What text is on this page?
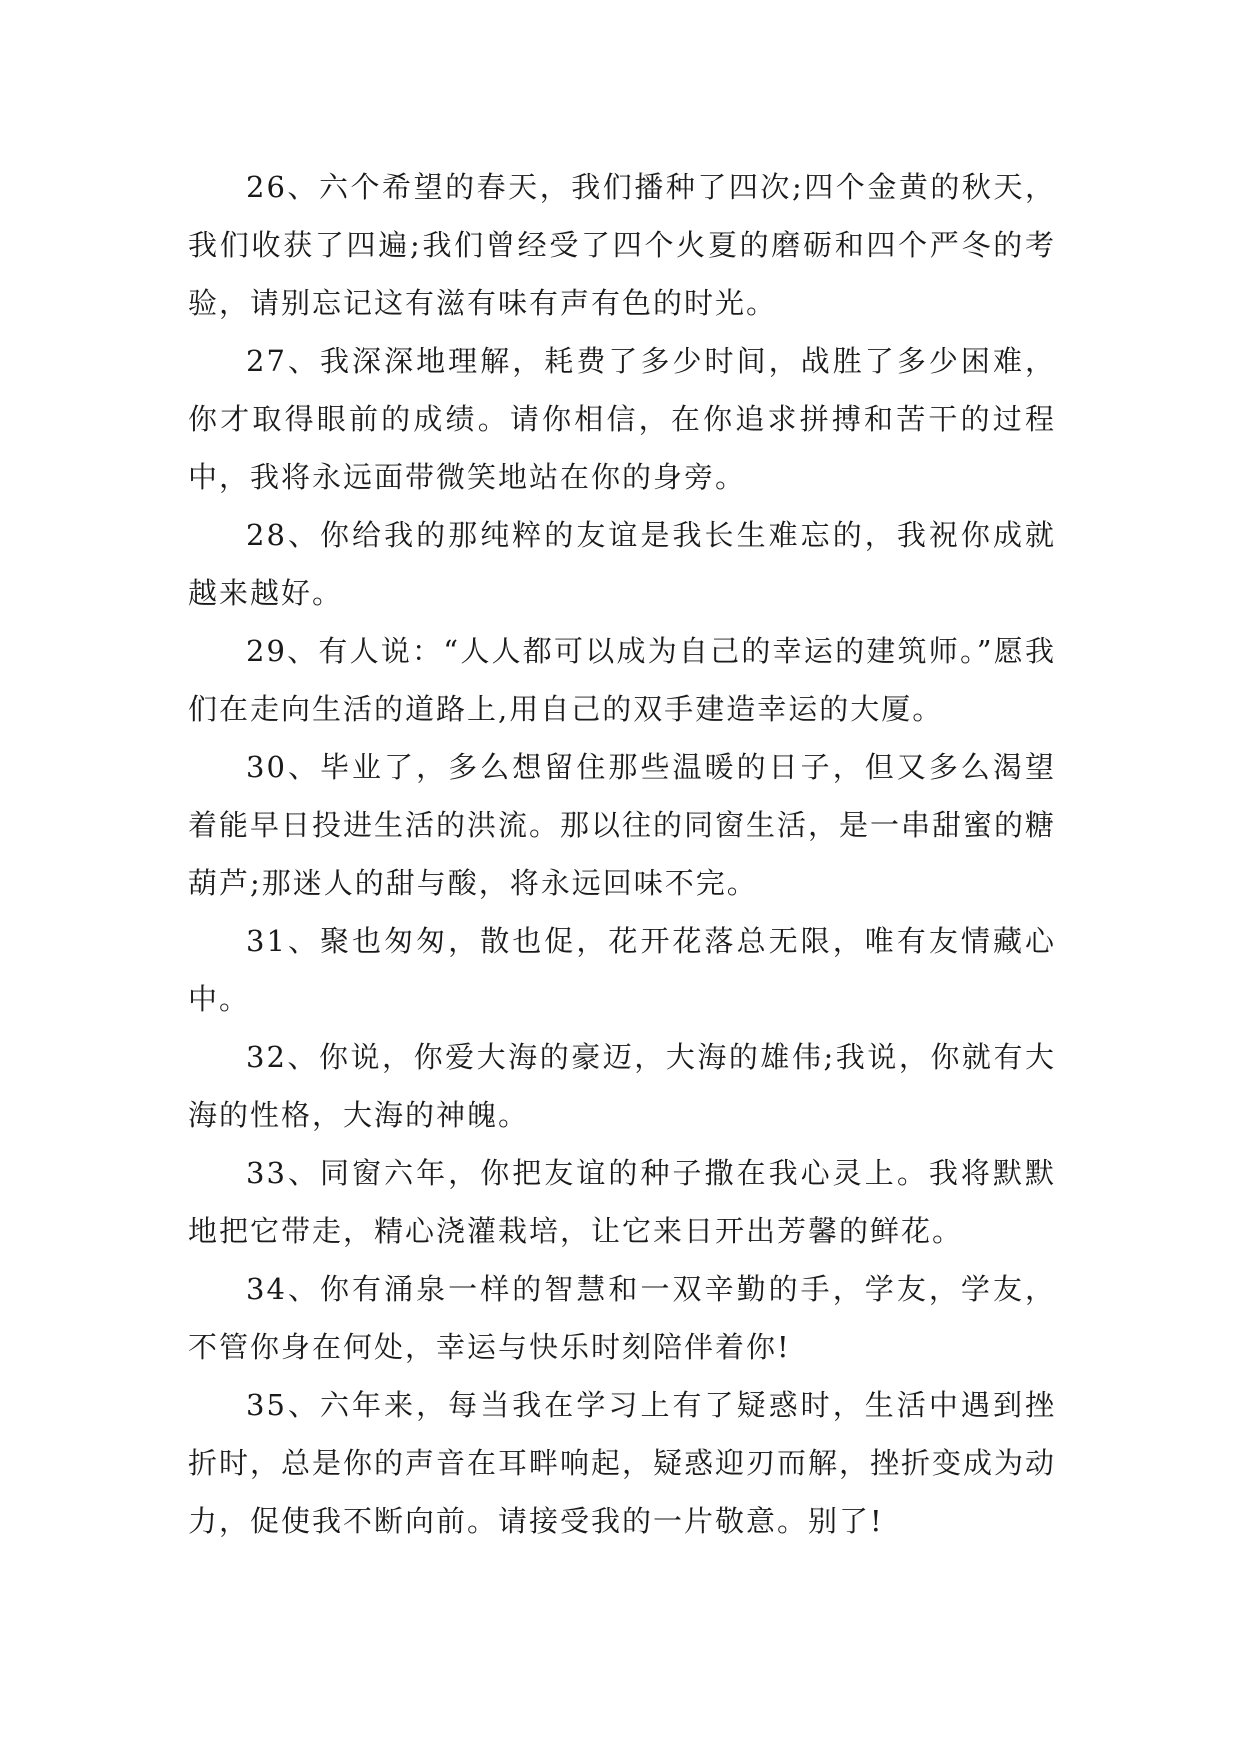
26、六个希望的春天，我们播种了四次;四个金黄的秋天，我们收获了四遍;我们曾经受了四个火夏的磨砺和四个严冬的考验，请别忘记这有滋有味有声有色的时光。

27、我深深地理解，耗费了多少时间，战胜了多少困难，你才取得眼前的成绩。请你相信，在你追求拼搏和苦干的过程中，我将永远面带微笑地站在你的身旁。

28、你给我的那纯粹的友谊是我长生难忘的，我祝你成就越来越好。

29、有人说：“人人都可以成为自己的幸运的建筑师。”愿我们在走向生活的道路上,用自己的双手建造幸运的大厦。

30、毕业了，多么想留住那些温暖的日子，但又多么渴望着能早日投进生活的洪流。那以往的同窗生活，是一串甜蜜的糖葫芦;那迷人的甜与酸，将永远回味不完。

31、聚也匆匆，散也促，花开花落总无限，唯有友情藏心中。

32、你说，你爱大海的豪迈，大海的雄伟;我说，你就有大海的性格，大海的神魄。

33、同窗六年，你把友谊的种子撒在我心灵上。我将默默地把它带走，精心浇灌栽培，让它来日开出芳馨的鲜花。

34、你有涌泉一样的智慧和一双辛勤的手，学友，学友，不管你身在何处，幸运与快乐时刻陪伴着你!

35、六年来，每当我在学习上有了疑惑时，生活中遇到挫折时，总是你的声音在耳畔响起，疑惑迎刃而解，挫折变成为动力，促使我不断向前。请接受我的一片敬意。别了!
